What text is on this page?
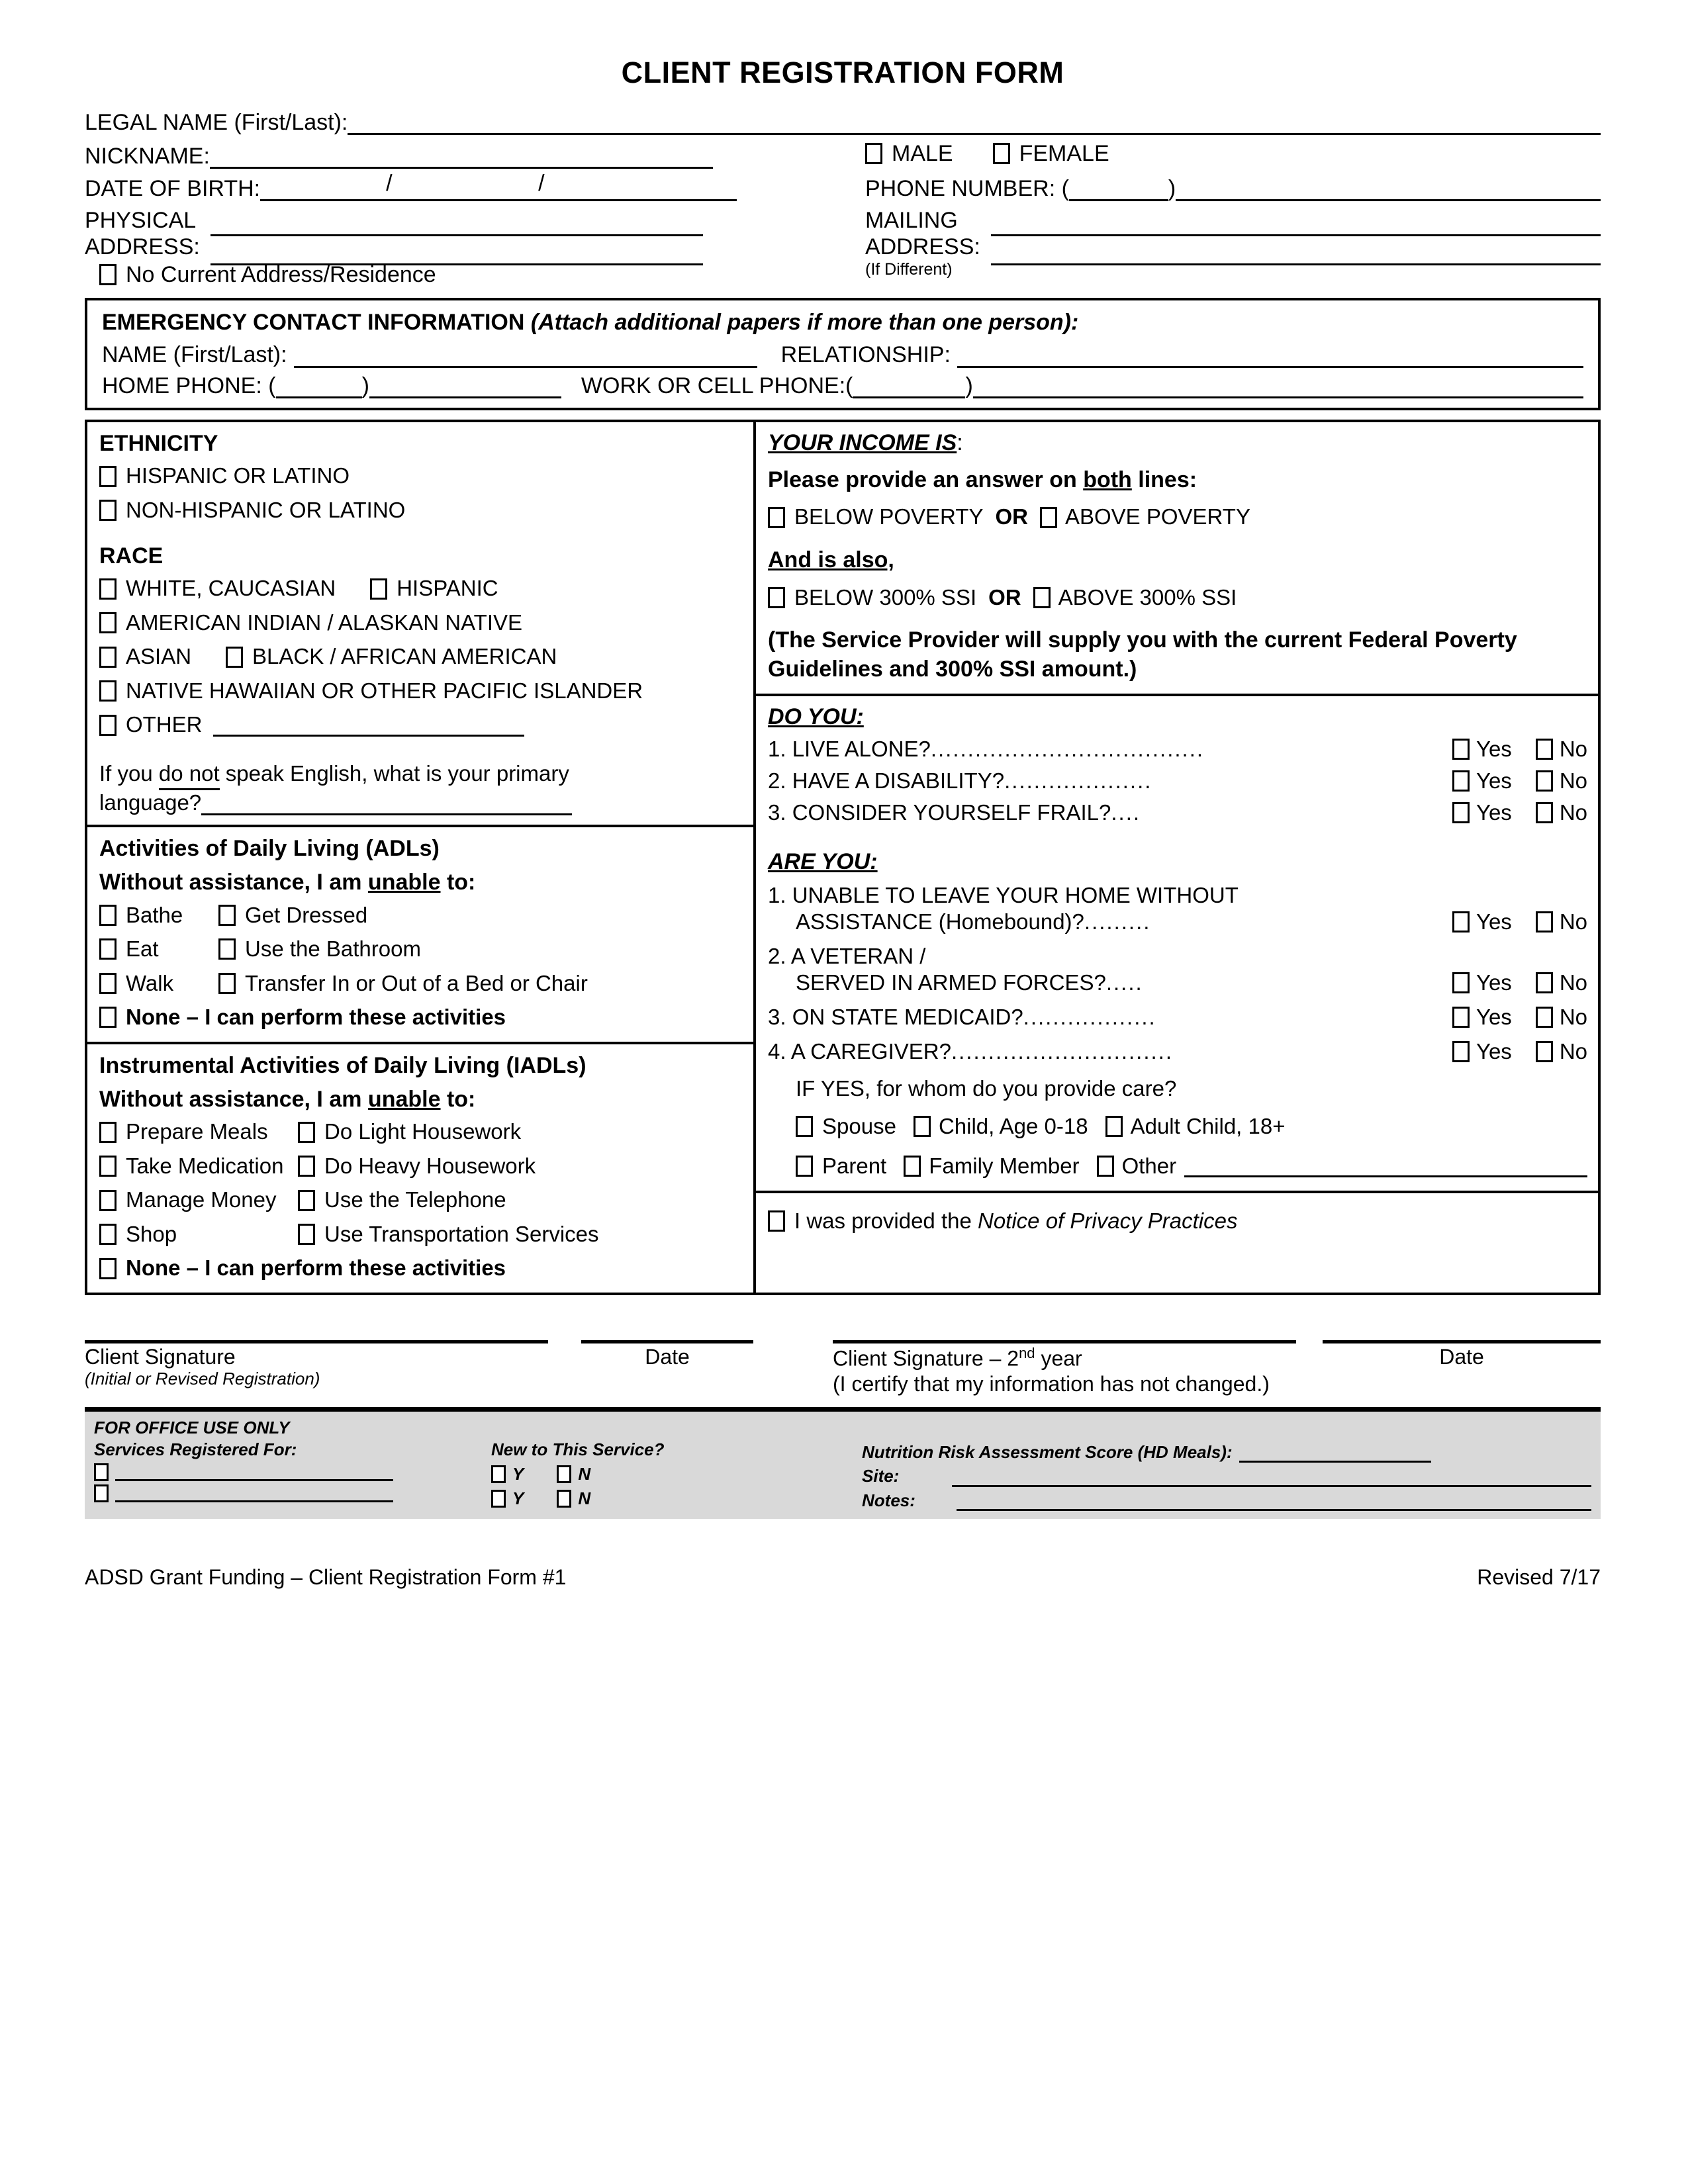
CLIENT REGISTRATION FORM
LEGAL NAME (First/Last):
NICKNAME:	MALE	FEMALE
DATE OF BIRTH:	/	/	PHONE NUMBER: (	)
PHYSICAL
ADDRESS:
MAILING
ADDRESS:
(If Different)
No Current Address/Residence
EMERGENCY CONTACT INFORMATION (Attach additional papers if more than one person):
NAME (First/Last):	RELATIONSHIP:
HOME PHONE: (	)	WORK OR CELL PHONE:(	)
ETHNICITY
HISPANIC OR LATINO
NON-HISPANIC OR LATINO
RACE
WHITE, CAUCASIAN	HISPANIC
AMERICAN INDIAN / ALASKAN NATIVE
ASIAN	BLACK / AFRICAN AMERICAN
NATIVE HAWAIIAN OR OTHER PACIFIC ISLANDER
OTHER
If you do not speak English, what is your primary
language?
Activities of Daily Living (ADLs)
Without assistance, I am unable to:
Bathe	Get Dressed
Eat	Use the Bathroom
Walk	Transfer In or Out of a Bed or Chair
None – I can perform these activities
Instrumental Activities of Daily Living (IADLs)
Without assistance, I am unable to:
Prepare Meals	Do Light Housework
Take Medication	Do Heavy Housework
Manage Money	Use the Telephone
Shop	Use Transportation Services
None – I can perform these activities
YOUR INCOME IS:
Please provide an answer on both lines:
BELOW POVERTY OR ABOVE POVERTY
And is also,
BELOW 300% SSI OR ABOVE 300% SSI
(The Service Provider will supply you with the current Federal Poverty Guidelines and 300% SSI amount.)
DO YOU:
1. LIVE ALONE? .....................................	Yes No
2. HAVE A DISABILITY? ....................	Yes No
3. CONSIDER YOURSELF FRAIL? ....	Yes No
ARE YOU:
1. UNABLE TO LEAVE YOUR HOME WITHOUT
ASSISTANCE (Homebound)? .........	Yes No
2. A VETERAN /
SERVED IN ARMED FORCES? .....	Yes No
3. ON STATE MEDICAID? ..................	Yes No
4. A CAREGIVER? ..............................	Yes No
IF YES, for whom do you provide care?
Spouse Child, Age 0-18 Adult Child, 18+
Parent Family Member Other
I was provided the Notice of Privacy Practices
Client Signature
(Initial or Revised Registration)
Date	Client Signature – 2nd year
(I certify that my information has not changed.)
Date
FOR OFFICE USE ONLY
Services Registered For:	New to This Service?
Y	N
Y	N
Nutrition Risk Assessment Score (HD Meals):
Site:
Notes:
ADSD Grant Funding – Client Registration Form #1	Revised 7/17
